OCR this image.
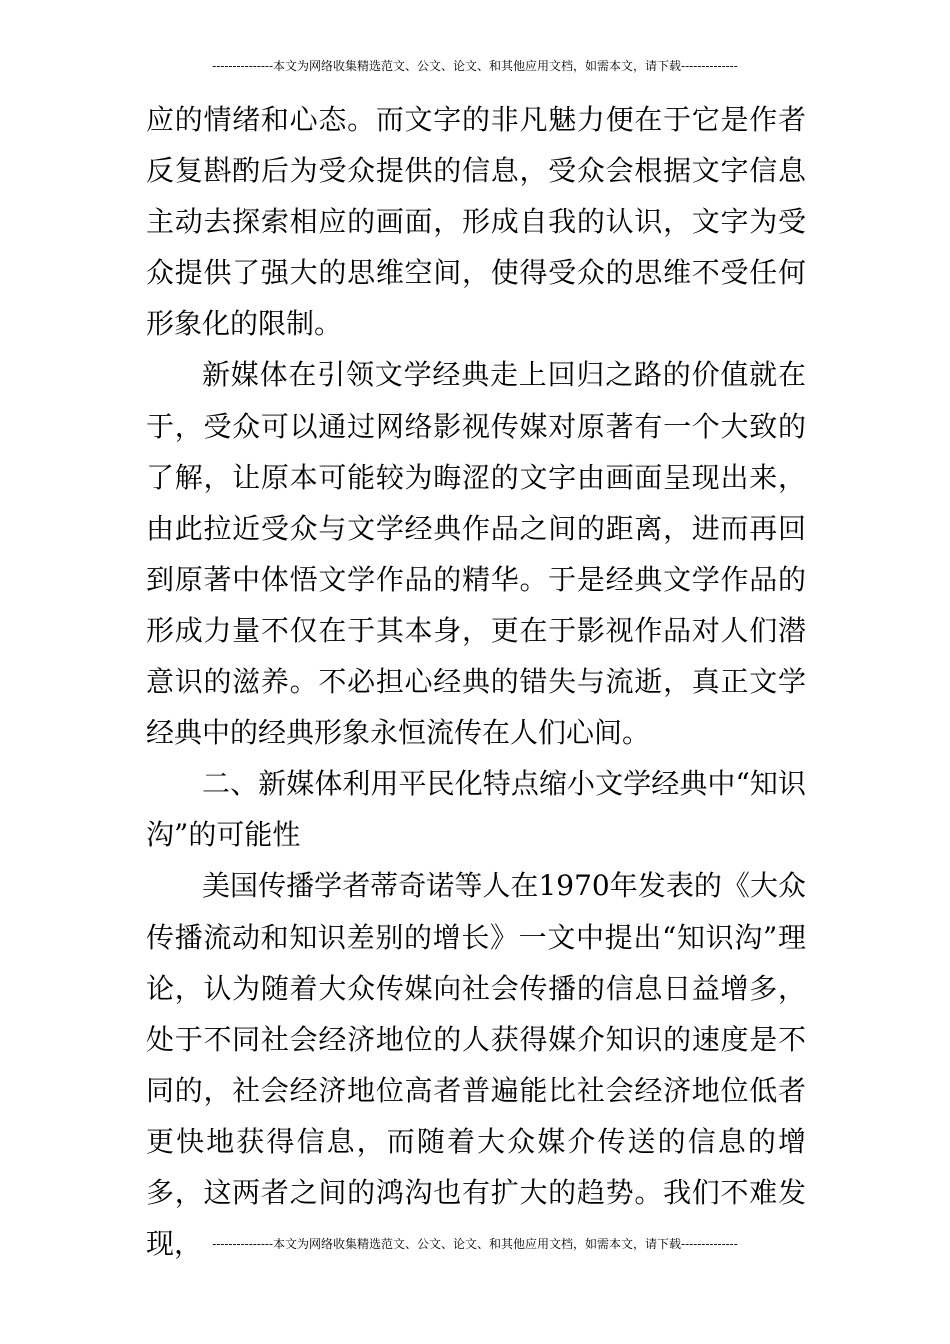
---------------本文为网络收集精选范文、公文、论文、和其他应用文档，如需本文，请下载--------------

应的情绪和心态。而文字的非凡魅力便在于它是作者反复斟酌后为受众提供的信息，受众会根据文字信息主动去探索相应的画面，形成自我的认识，文字为受众提供了强大的思维空间，使得受众的思维不受任何形象化的限制。

新媒体在引领文学经典走上回归之路的价值就在于，受众可以通过网络影视传媒对原著有一个大致的了解，让原本可能较为晦涩的文字由画面呈现出来，由此拉近受众与文学经典作品之间的距离，进而再回到原著中体悟文学作品的精华。于是经典文学作品的形成力量不仅在于其本身，更在于影视作品对人们潜意识的滋养。不必担心经典的错失与流逝，真正文学经典中的经典形象永恒流传在人们心间。

二、新媒体利用平民化特点缩小文学经典中“知识沟”的可能性

美国传播学者蒂奇诺等人在1970年发表的《大众传播流动和知识差别的增长》一文中提出“知识沟”理论，认为随着大众传媒向社会传播的信息日益增多，处于不同社会经济地位的人获得媒介知识的速度是不同的，社会经济地位高者普遍能比社会经济地位低者更快地获得信息，而随着大众媒介传送的信息的增多，这两者之间的鸿沟也有扩大的趋势。我们不难发现， ---------------本文为网络收集精选范文、公文、论文、和其他应用文档，如需本文，请下载--------------
